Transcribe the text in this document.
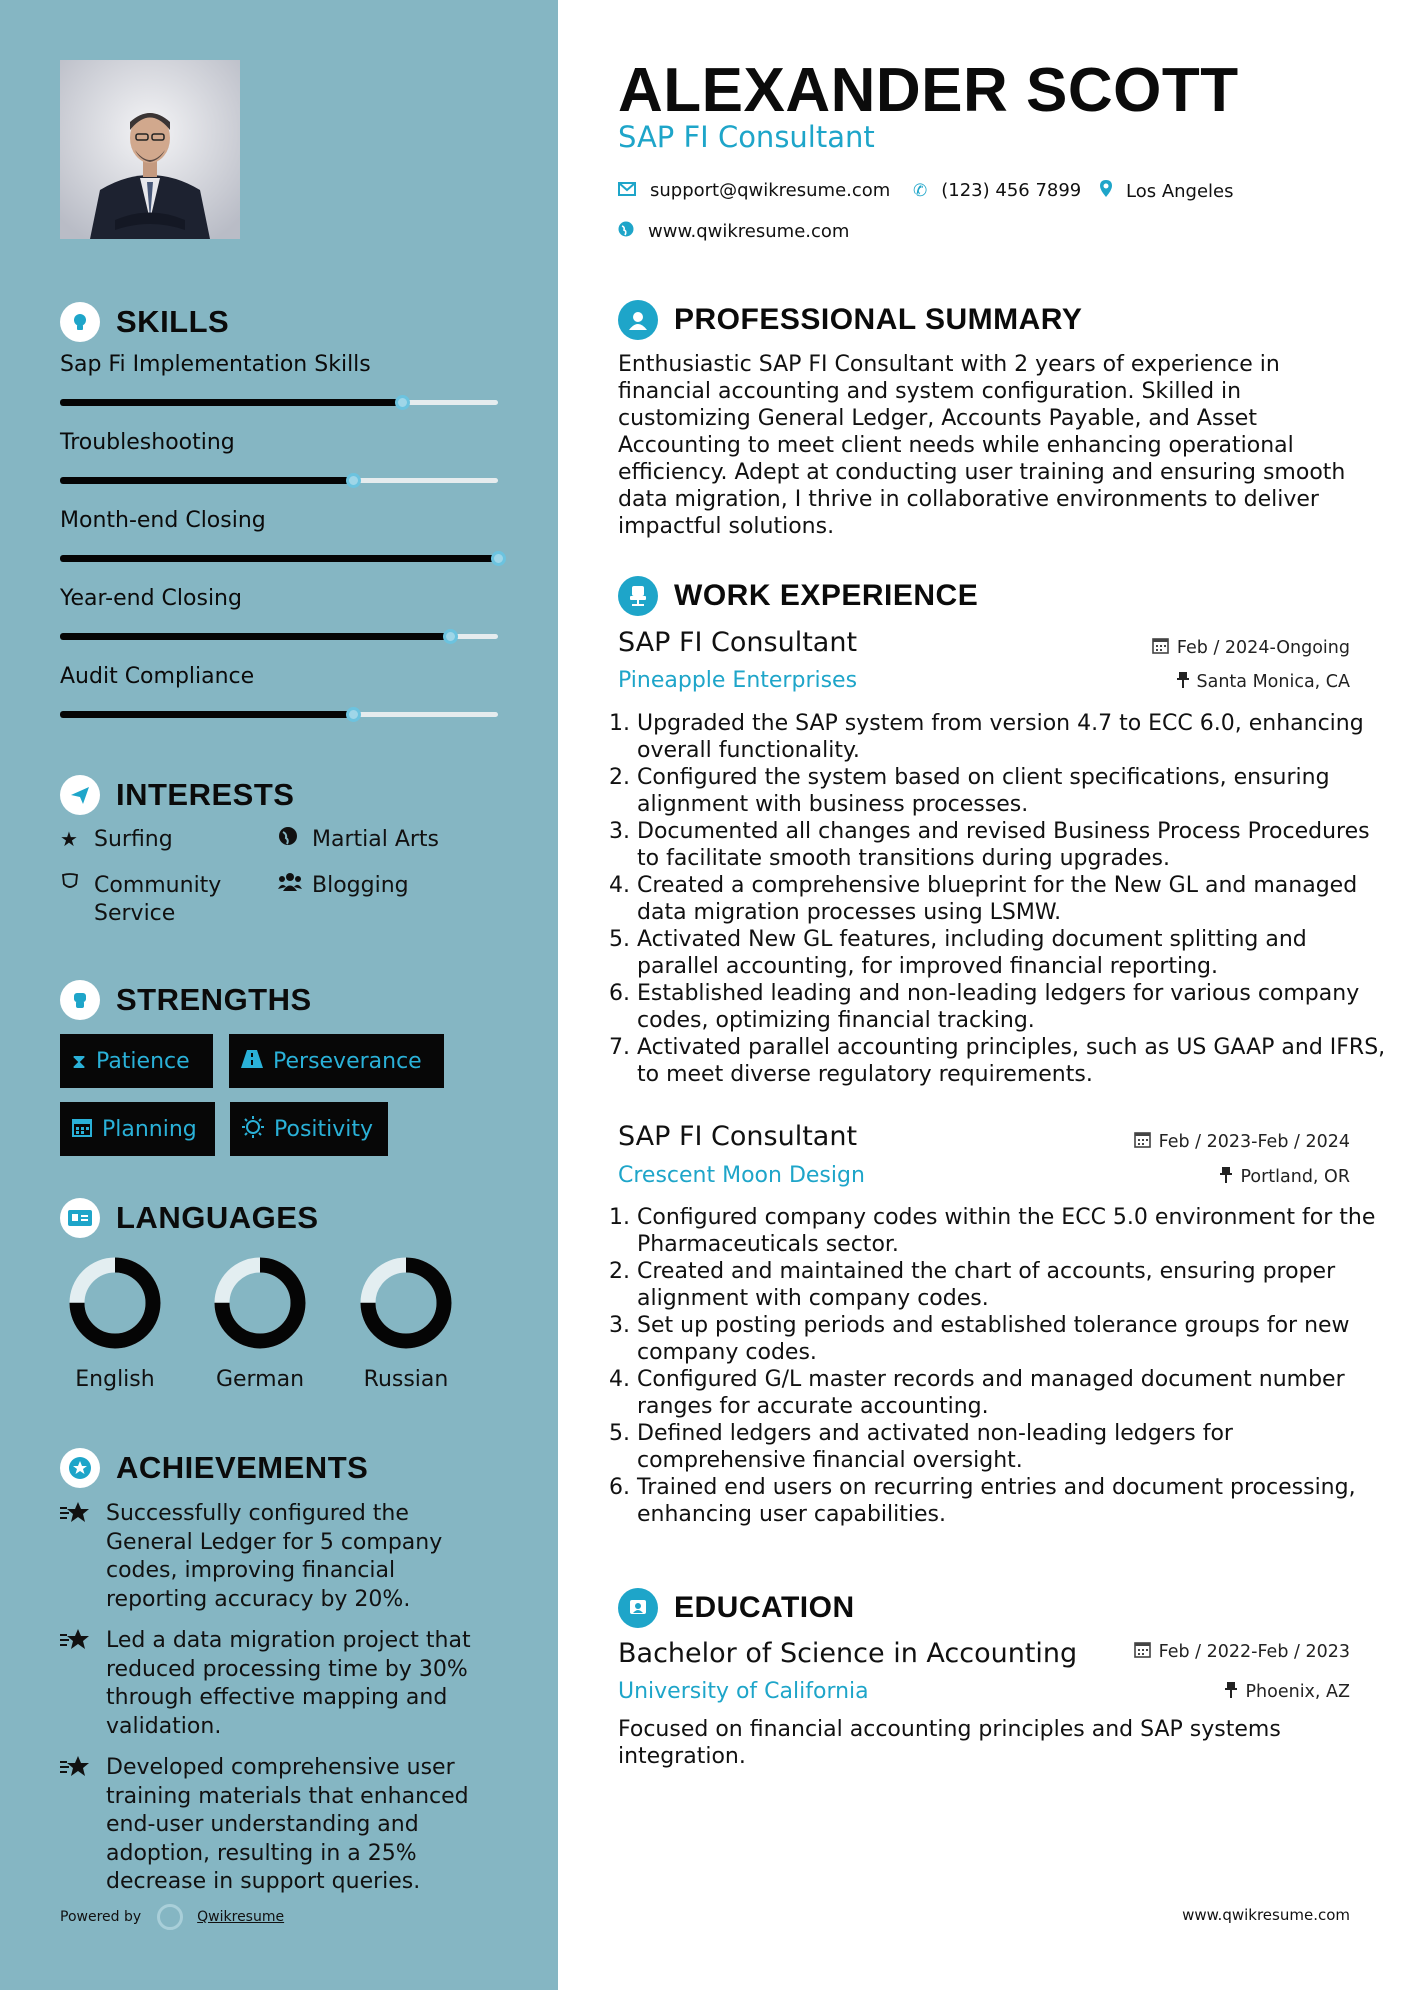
SKILLS
Sap Fi Implementation Skills
Troubleshooting
Month-end Closing
Year-end Closing
Audit Compliance
INTERESTS
★ Surfing	Martial Arts
Community Service
Blogging
STRENGTHS
⧗ Patience	Perseverance
Planning	Positivity
LANGUAGES
English	German	Russian
ACHIEVEMENTS
Successfully configured the General Ledger for 5 company codes, improving financial reporting accuracy by 20%.
Led a data migration project that reduced processing time by 30% through effective mapping and validation.
Developed comprehensive user training materials that enhanced end-user understanding and adoption, resulting in a 25% decrease in support queries.
Powered by	Qwikresume
ALEXANDER SCOTT
SAP FI Consultant
support@qwikresume.com ✆ (123) 456 7899 Los Angeles
www.qwikresume.com
PROFESSIONAL SUMMARY
Enthusiastic SAP FI Consultant with 2 years of experience in financial accounting and system configuration. Skilled in customizing General Ledger, Accounts Payable, and Asset Accounting to meet client needs while enhancing operational efficiency. Adept at conducting user training and ensuring smooth data migration, I thrive in collaborative environments to deliver impactful solutions.
WORK EXPERIENCE
SAP FI Consultant	Feb / 2024-Ongoing
Pineapple Enterprises	Santa Monica, CA
1. Upgraded the SAP system from version 4.7 to ECC 6.0, enhancing overall functionality.
2. Configured the system based on client specifications, ensuring alignment with business processes.
3. Documented all changes and revised Business Process Procedures to facilitate smooth transitions during upgrades.
4. Created a comprehensive blueprint for the New GL and managed data migration processes using LSMW.
5. Activated New GL features, including document splitting and parallel accounting, for improved financial reporting.
6. Established leading and non-leading ledgers for various company codes, optimizing financial tracking.
7. Activated parallel accounting principles, such as US GAAP and IFRS, to meet diverse regulatory requirements.
SAP FI Consultant	Feb / 2023-Feb / 2024
Crescent Moon Design	Portland, OR
1. Configured company codes within the ECC 5.0 environment for the Pharmaceuticals sector.
2. Created and maintained the chart of accounts, ensuring proper alignment with company codes.
3. Set up posting periods and established tolerance groups for new company codes.
4. Configured G/L master records and managed document number ranges for accurate accounting.
5. Defined ledgers and activated non-leading ledgers for comprehensive financial oversight.
6. Trained end users on recurring entries and document processing, enhancing user capabilities.
EDUCATION
Bachelor of Science in Accounting	Feb / 2022-Feb / 2023
University of California	Phoenix, AZ
Focused on financial accounting principles and SAP systems integration.
www.qwikresume.com
